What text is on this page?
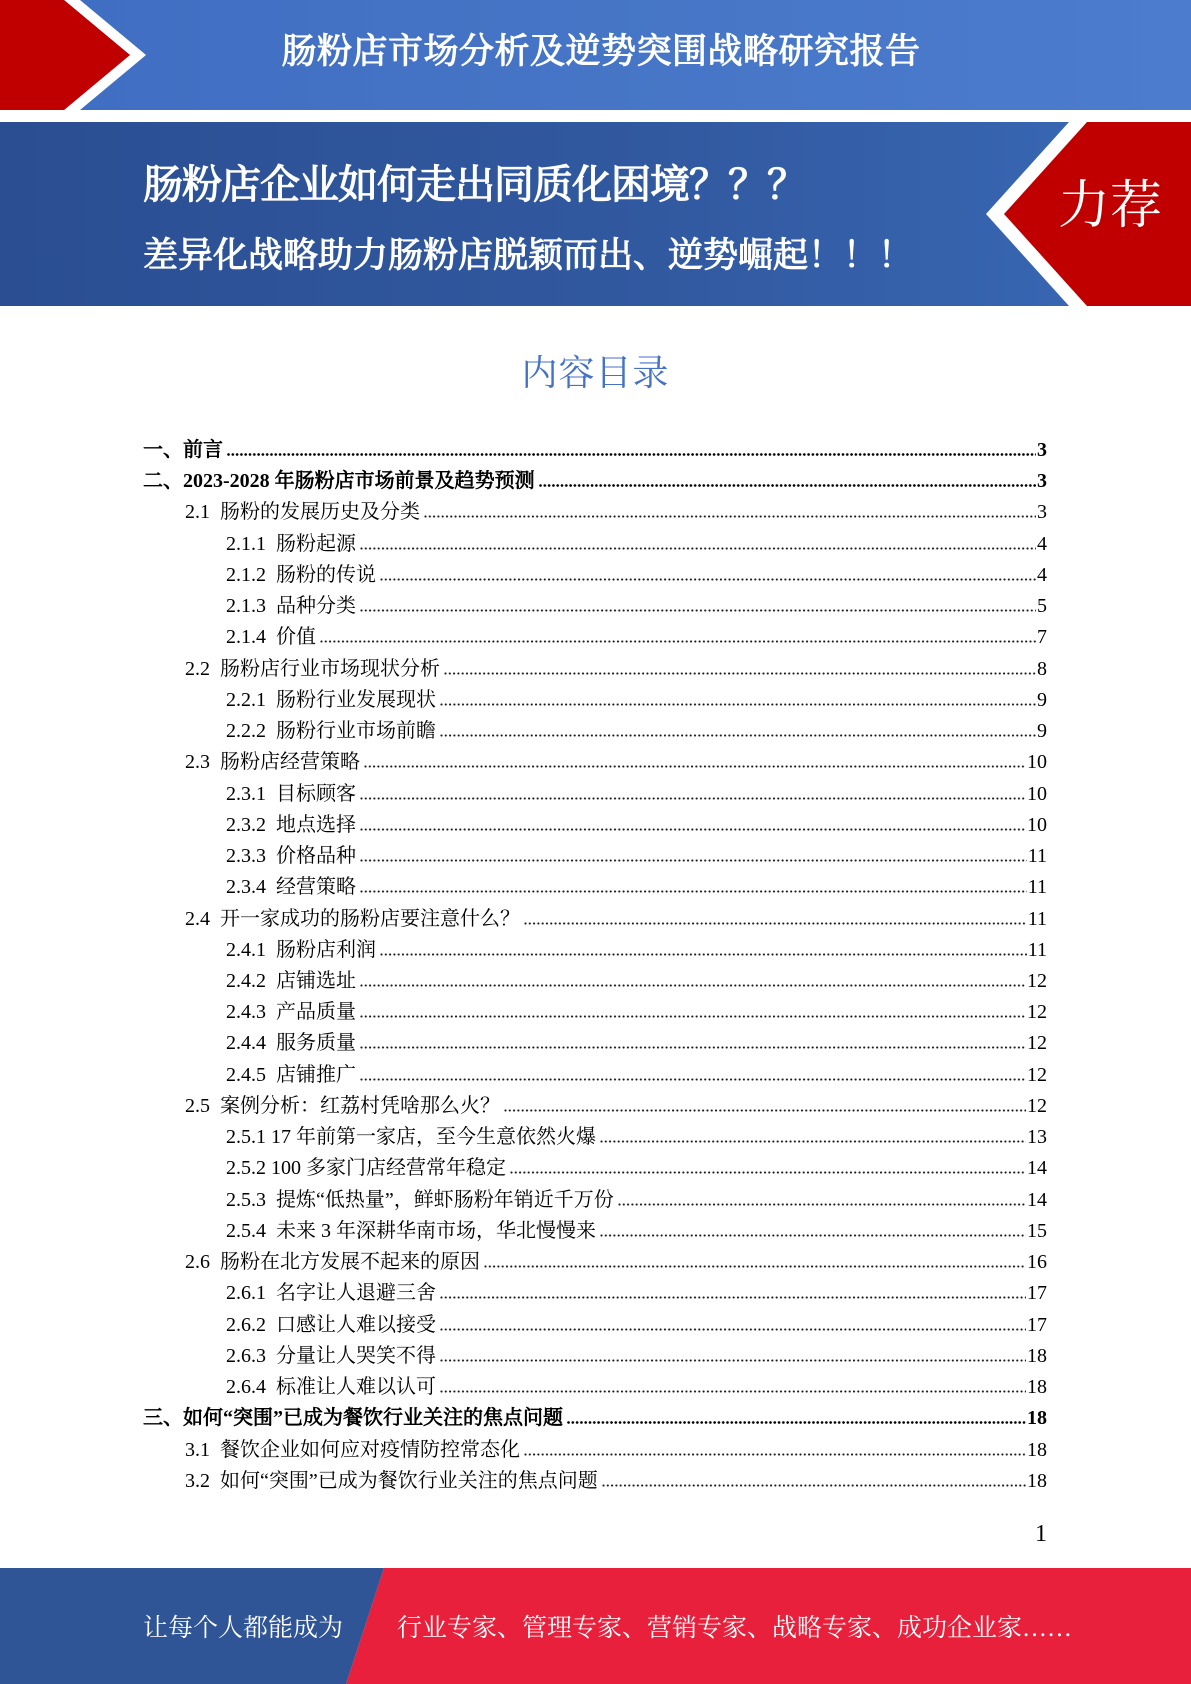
肠粉店市场分析及逆势突围战略研究报告
肠粉店企业如何走出同质化困境？？？
差异化战略助力肠粉店脱颖而出、逆势崛起！！！
力荐
内容目录
一、前言	3
二、2023-2028 年肠粉店市场前景及趋势预测	3
2.1  肠粉的发展历史及分类	3
2.1.1  肠粉起源	4
2.1.2  肠粉的传说	4
2.1.3  品种分类	5
2.1.4  价值	7
2.2  肠粉店行业市场现状分析	8
2.2.1  肠粉行业发展现状	9
2.2.2  肠粉行业市场前瞻	9
2.3  肠粉店经营策略	10
2.3.1  目标顾客	10
2.3.2  地点选择	10
2.3.3  价格品种	11
2.3.4  经营策略	11
2.4  开一家成功的肠粉店要注意什么？	11
2.4.1  肠粉店利润	11
2.4.2  店铺选址	12
2.4.3  产品质量	12
2.4.4  服务质量	12
2.4.5  店铺推广	12
2.5  案例分析：红荔村凭啥那么火？	12
2.5.1 17 年前第一家店，至今生意依然火爆	13
2.5.2 100 多家门店经营常年稳定	14
2.5.3  提炼“低热量”，鲜虾肠粉年销近千万份	14
2.5.4  未来 3 年深耕华南市场，华北慢慢来	15
2.6  肠粉在北方发展不起来的原因	16
2.6.1  名字让人退避三舍	17
2.6.2  口感让人难以接受	17
2.6.3  分量让人哭笑不得	18
2.6.4  标准让人难以认可	18
三、如何“突围”已成为餐饮行业关注的焦点问题	18
3.1  餐饮企业如何应对疫情防控常态化	18
3.2  如何“突围”已成为餐饮行业关注的焦点问题	18
1
让每个人都能成为 行业专家、管理专家、营销专家、战略专家、成功企业家……
